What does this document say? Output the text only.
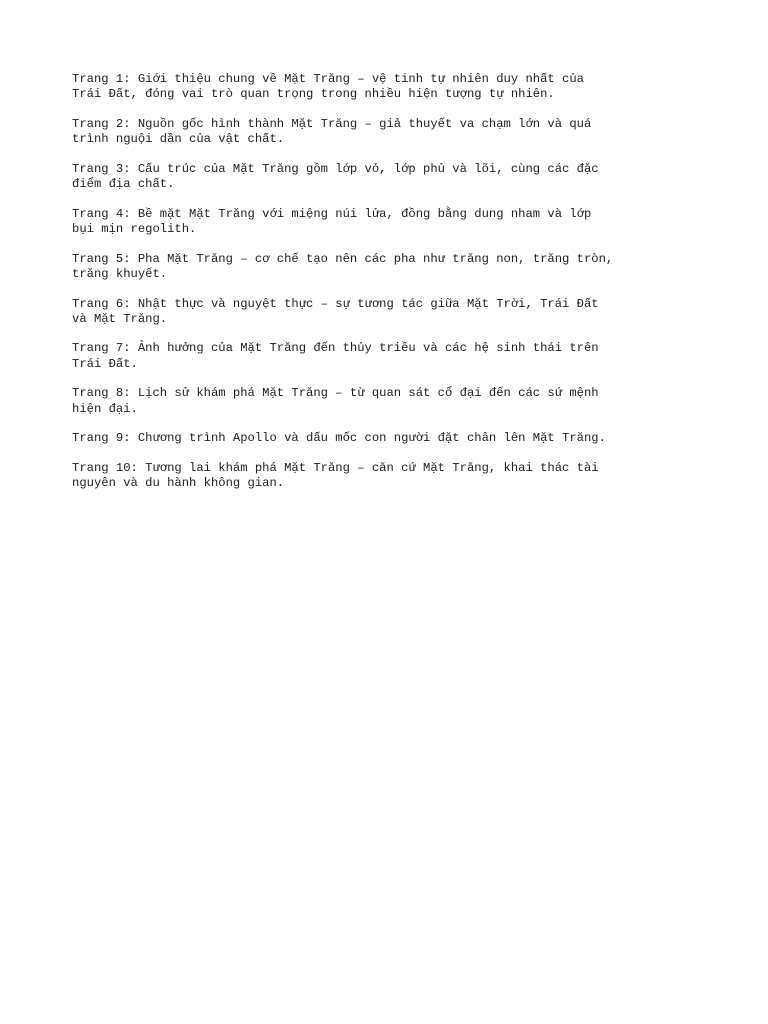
Trang 1: Giới thiệu chung về Mặt Trăng – vệ tinh tự nhiên duy nhất của Trái Đất, đóng vai trò quan trọng trong nhiều hiện tượng tự nhiên.

Trang 2: Nguồn gốc hình thành Mặt Trăng – giả thuyết va chạm lớn và quá trình nguội dần của vật chất.

Trang 3: Cấu trúc của Mặt Trăng gồm lớp vỏ, lớp phủ và lõi, cùng các đặc điểm địa chất.

Trang 4: Bề mặt Mặt Trăng với miệng núi lửa, đồng bằng dung nham và lớp bụi mịn regolith.

Trang 5: Pha Mặt Trăng – cơ chế tạo nên các pha như trăng non, trăng tròn, trăng khuyết.

Trang 6: Nhật thực và nguyệt thực – sự tương tác giữa Mặt Trời, Trái Đất và Mặt Trăng.

Trang 7: Ảnh hưởng của Mặt Trăng đến thủy triều và các hệ sinh thái trên Trái Đất.

Trang 8: Lịch sử khám phá Mặt Trăng – từ quan sát cổ đại đến các sứ mệnh hiện đại.

Trang 9: Chương trình Apollo và dấu mốc con người đặt chân lên Mặt Trăng.

Trang 10: Tương lai khám phá Mặt Trăng – căn cứ Mặt Trăng, khai thác tài nguyên và du hành không gian.
